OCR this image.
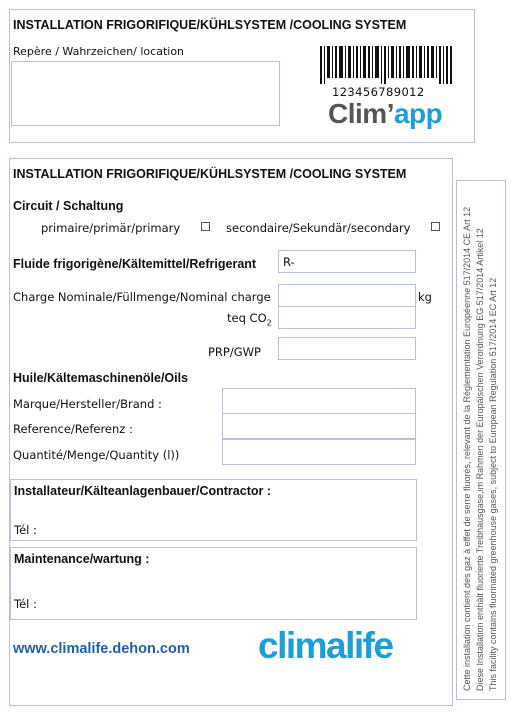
INSTALLATION FRIGORIFIQUE/KÜHLSYSTEM /COOLING SYSTEM
Repère / Wahrzeichen/ location
123456789012
Clim’app
INSTALLATION FRIGORIFIQUE/KÜHLSYSTEM /COOLING SYSTEM
Circuit / Schaltung
primaire/primär/primary	secondaire/Sekundär/secondary
Fluide frigorigène/Kältemittel/Refrigerant	R-
Charge Nominale/Füllmenge/Nominal charge	kg
teq $CO_2$
PRP/GWP
Huile/Kältemaschinenöle/Oils
Marque/Hersteller/Brand :
Reference/Referenz :
Quantité/Menge/Quantity (l))
Installateur/Kälteanlagenbauer/Contractor :
Tél :
Maintenance/wartung :
Tél :
www.climalife.dehon.com climalife	Cette installation contient des gaz à effet de serre fluorés, relevant de la Réglementation Européenne 517/2014 CE Art 12 Diese Installation enthält fluorierte Treibhausgase,im Rahmen der Europäischen Verordnung EG 517/2014 Artikel 12 This facility contains fluorinated greenhouse gases, subject to European Regulation 517/2014 EC Art 12
